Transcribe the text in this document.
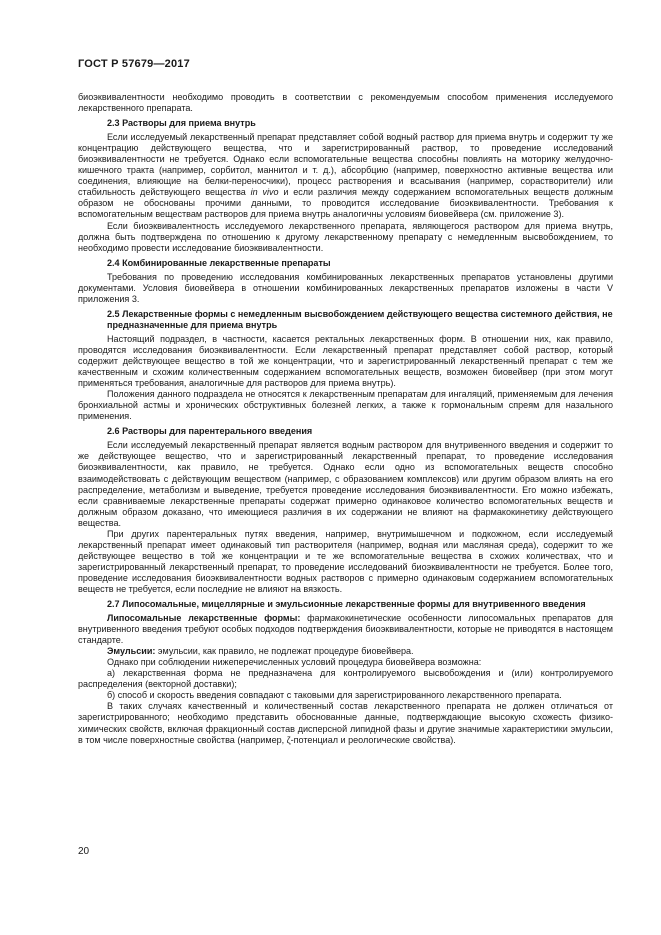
ГОСТ Р 57679—2017

биоэквивалентности необходимо проводить в соответствии с рекомендуемым способом применения исследуемого лекарственного препарата.

2.3 Растворы для приема внутрь

Если исследуемый лекарственный препарат представляет собой водный раствор для приема внутрь и содержит ту же концентрацию действующего вещества, что и зарегистрированный раствор, то проведение исследований биоэквивалентности не требуется. Однако если вспомогательные вещества способны повлиять на моторику желудочно-кишечного тракта (например, сорбитол, маннитол и т. д.), абсорбцию (например, поверхностно активные вещества или соединения, влияющие на белки-переносчики), процесс растворения и всасывания (например, сорастворители) или стабильность действующего вещества in vivo и если различия между содержанием вспомогательных веществ должным образом не обоснованы прочими данными, то проводится исследование биоэквивалентности. Требования к вспомогательным веществам растворов для приема внутрь аналогичны условиям биовейвера (см. приложение 3).

Если биоэквивалентность исследуемого лекарственного препарата, являющегося раствором для приема внутрь, должна быть подтверждена по отношению к другому лекарственному препарату с немедленным высвобождением, то необходимо провести исследование биоэквивалентности.

2.4 Комбинированные лекарственные препараты

Требования по проведению исследования комбинированных лекарственных препаратов установлены другими документами. Условия биовейвера в отношении комбинированных лекарственных препаратов изложены в части V приложения 3.

2.5 Лекарственные формы с немедленным высвобождением действующего вещества системного действия, не предназначенные для приема внутрь

Настоящий подраздел, в частности, касается ректальных лекарственных форм. В отношении них, как правило, проводятся исследования биоэквивалентности. Если лекарственный препарат представляет собой раствор, который содержит действующее вещество в той же концентрации, что и зарегистрированный лекарственный препарат с тем же качественным и схожим количественным содержанием вспомогательных веществ, возможен биовейвер (при этом могут применяться требования, аналогичные для растворов для приема внутрь).

Положения данного подраздела не относятся к лекарственным препаратам для ингаляций, применяемым для лечения бронхиальной астмы и хронических обструктивных болезней легких, а также к гормональным спреям для назального применения.

2.6 Растворы для парентерального введения

Если исследуемый лекарственный препарат является водным раствором для внутривенного введения и содержит то же действующее вещество, что и зарегистрированный лекарственный препарат, то проведение исследования биоэквивалентности, как правило, не требуется. Однако если одно из вспомогательных веществ способно взаимодействовать с действующим веществом (например, с образованием комплексов) или другим образом влиять на его распределение, метаболизм и выведение, требуется проведение исследования биоэквивалентности. Его можно избежать, если сравниваемые лекарственные препараты содержат примерно одинаковое количество вспомогательных веществ и должным образом доказано, что имеющиеся различия в их содержании не влияют на фармакокинетику действующего вещества.

При других парентеральных путях введения, например, внутримышечном и подкожном, если исследуемый лекарственный препарат имеет одинаковый тип растворителя (например, водная или масляная среда), содержит то же действующее вещество в той же концентрации и те же вспомогательные вещества в схожих количествах, что и зарегистрированный лекарственный препарат, то проведение исследований биоэквивалентности не требуется. Более того, проведение исследования биоэквивалентности водных растворов с примерно одинаковым содержанием вспомогательных веществ не требуется, если последние не влияют на вязкость.

2.7 Липосомальные, мицеллярные и эмульсионные лекарственные формы для внутривенного введения

Липосомальные лекарственные формы: фармакокинетические особенности липосомальных препаратов для внутривенного введения требуют особых подходов подтверждения биоэквивалентности, которые не приводятся в настоящем стандарте.

Эмульсии: эмульсии, как правило, не подлежат процедуре биовейвера.

Однако при соблюдении нижеперечисленных условий процедура биовейвера возможна:

а) лекарственная форма не предназначена для контролируемого высвобождения и (или) контролируемого распределения (векторной доставки);

б) способ и скорость введения совпадают с таковыми для зарегистрированного лекарственного препарата.

В таких случаях качественный и количественный состав лекарственного препарата не должен отличаться от зарегистрированного; необходимо представить обоснованные данные, подтверждающие высокую схожесть физико-химических свойств, включая фракционный состав дисперсной липидной фазы и другие значимые характеристики эмульсии, в том числе поверхностные свойства (например, ζ-потенциал и реологические свойства).

20
